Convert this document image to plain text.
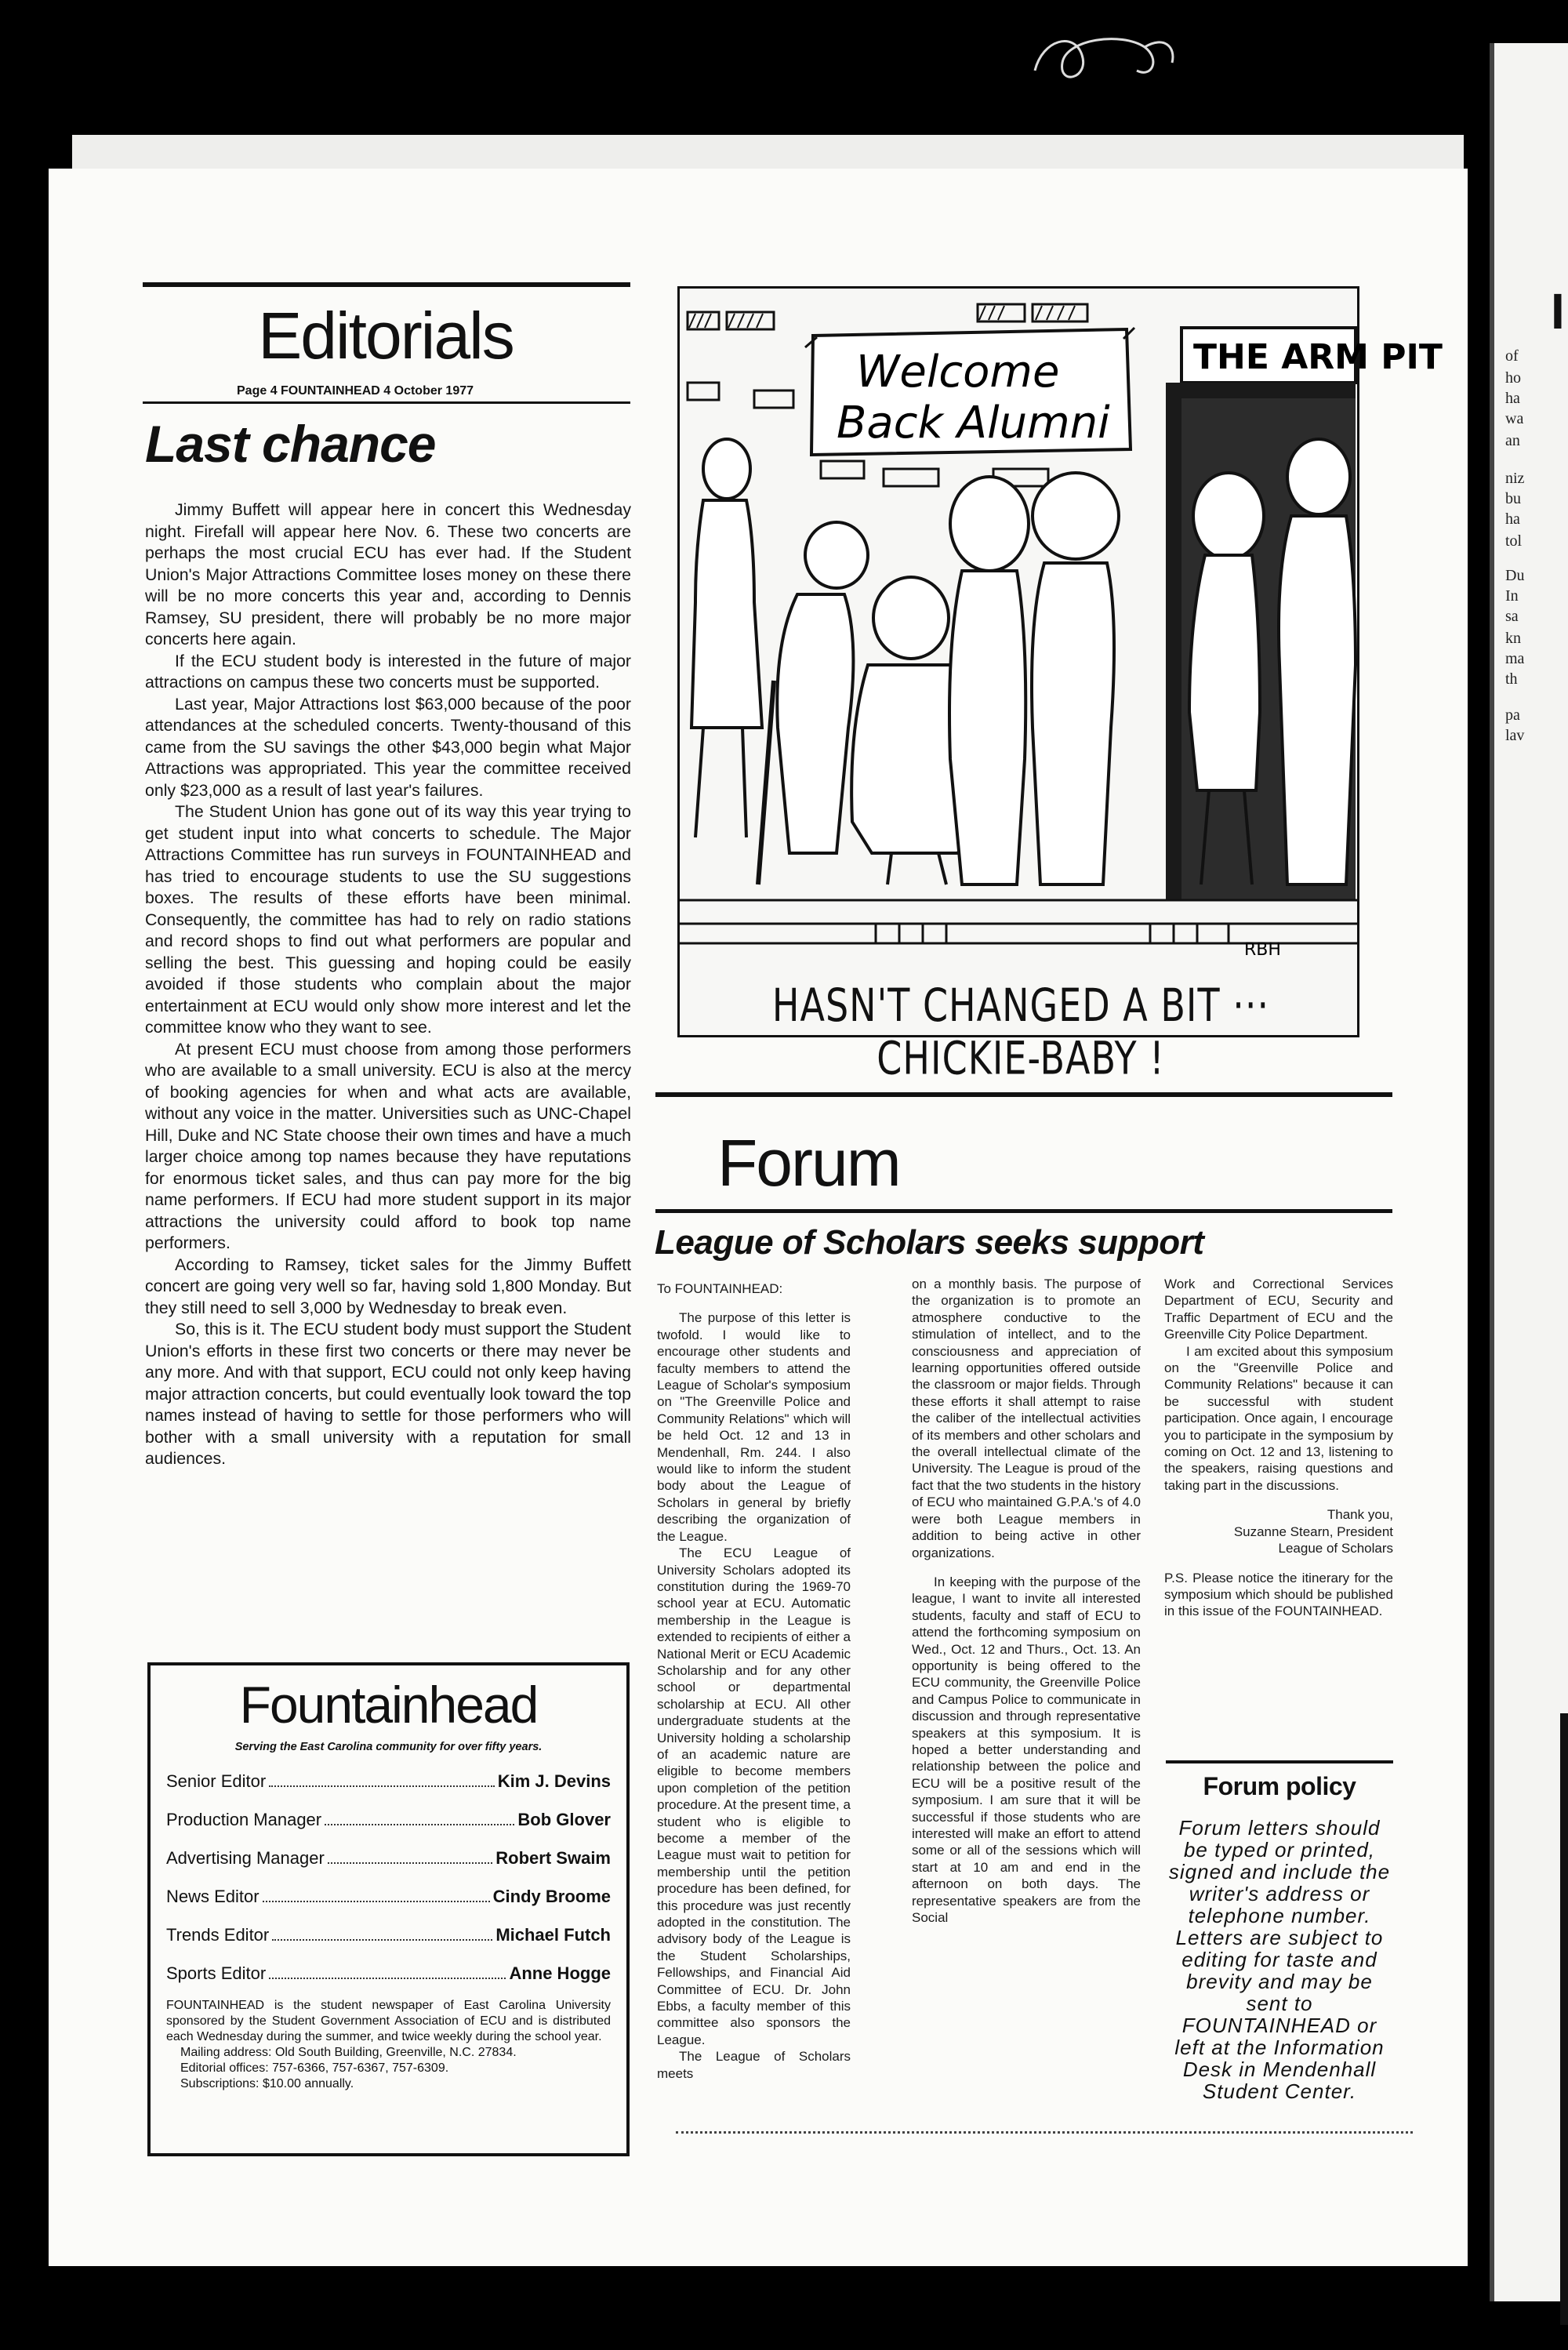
I
of
ho
ha
wa
an
niz
bu
ha
tol
Du
In
sa
kn
ma
th
pa
lav
Editorials
Page 4 FOUNTAINHEAD 4 October 1977
Last chance

Jimmy Buffett will appear here in concert this Wednesday night. Firefall will appear here Nov. 6. These two concerts are perhaps the most crucial ECU has ever had. If the Student Union's Major Attractions Committee loses money on these there will be no more concerts this year and, according to Dennis Ramsey, SU president, there will probably be no more major concerts here again.

If the ECU student body is interested in the future of major attractions on campus these two concerts must be supported.

Last year, Major Attractions lost $63,000 because of the poor attendances at the scheduled concerts. Twenty-thousand of this came from the SU savings the other $43,000 begin what Major Attractions was appropriated. This year the committee received only $23,000 as a result of last year's failures.

The Student Union has gone out of its way this year trying to get student input into what concerts to schedule. The Major Attractions Committee has run surveys in FOUNTAINHEAD and has tried to encourage students to use the SU suggestions boxes. The results of these efforts have been minimal. Consequently, the committee has had to rely on radio stations and record shops to find out what performers are popular and selling the best. This guessing and hoping could be easily avoided if those students who complain about the major entertainment at ECU would only show more interest and let the committee know who they want to see.

At present ECU must choose from among those performers who are available to a small university. ECU is also at the mercy of booking agencies for when and what acts are available, without any voice in the matter. Universities such as UNC-Chapel Hill, Duke and NC State choose their own times and have a much larger choice among top names because they have reputations for enormous ticket sales, and thus can pay more for the big name performers. If ECU had more student support in its major attractions the university could afford to book top name performers.

According to Ramsey, ticket sales for the Jimmy Buffett concert are going very well so far, having sold 1,800 Monday. But they still need to sell 3,000 by Wednesday to break even.

So, this is it. The ECU student body must support the Student Union's efforts in these first two concerts or there may never be any more. And with that support, ECU could not only keep having major attraction concerts, but could eventually look toward the top names instead of having to settle for those performers who will bother with a small university with a reputation for small audiences.

Fountainhead
Serving the East Carolina community for over fifty years.
Senior Editor	Kim J. Devins
Production Manager	Bob Glover
Advertising Manager	Robert Swaim
News Editor	Cindy Broome
Trends Editor	Michael Futch
Sports Editor	Anne Hogge
FOUNTAINHEAD is the student newspaper of East Carolina University sponsored by the Student Government Association of ECU and is distributed each Wednesday during the summer, and twice weekly during the school year.
Mailing address: Old South Building, Greenville, N.C. 27834.
Editorial offices: 757-6366, 757-6367, 757-6309.
Subscriptions: $10.00 annually.
Welcome
Back Alumni
THE ARM PIT
RBH
HASN'T CHANGED A BIT ··· CHICKIE-BABY !
Forum
League of Scholars seeks support

To FOUNTAINHEAD:

The purpose of this letter is twofold. I would like to encourage other students and faculty members to attend the League of Scholar's symposium on "The Greenville Police and Community Relations" which will be held Oct. 12 and 13 in Mendenhall, Rm. 244. I also would like to inform the student body about the League of Scholars in general by briefly describing the organization of the League.

The ECU League of University Scholars adopted its constitution during the 1969-70 school year at ECU. Automatic membership in the League is extended to recipients of either a National Merit or ECU Academic Scholarship and for any other school or departmental scholarship at ECU. All other undergraduate students at the University holding a scholarship of an academic nature are eligible to become members upon completion of the petition procedure. At the present time, a student who is eligible to become a member of the League must wait to petition for membership until the petition procedure has been defined, for this procedure was just recently adopted in the constitution. The advisory body of the League is the Student Scholarships, Fellowships, and Financial Aid Committee of ECU. Dr. John Ebbs, a faculty member of this committee also sponsors the League.

The League of Scholars meets

on a monthly basis. The purpose of the organization is to promote an atmosphere conductive to the stimulation of intellect, and to the consciousness and appreciation of learning opportunities offered outside the classroom or major fields. Through these efforts it shall attempt to raise the caliber of the intellectual activities of its members and other scholars and the overall intellectual climate of the University. The League is proud of the fact that the two students in the history of ECU who maintained G.P.A.'s of 4.0 were both League members in addition to being active in other organizations.

In keeping with the purpose of the league, I want to invite all interested students, faculty and staff of ECU to attend the forthcoming symposium on Wed., Oct. 12 and Thurs., Oct. 13. An opportunity is being offered to the ECU community, the Greenville Police and Campus Police to communicate in discussion and through representative speakers at this symposium. It is hoped a better understanding and relationship between the police and ECU will be a positive result of the symposium. I am sure that it will be successful if those students who are interested will make an effort to attend some or all of the sessions which will start at 10 am and end in the afternoon on both days. The representative speakers are from the Social

Work and Correctional Services Department of ECU, Security and Traffic Department of ECU and the Greenville City Police Department.

I am excited about this symposium on the "Greenville Police and Community Relations" because it can be successful with student participation. Once again, I encourage you to participate in the symposium by coming on Oct. 12 and 13, listening to the speakers, raising questions and taking part in the discussions.

Thank you,

Suzanne Stearn, President

League of Scholars

P.S. Please notice the itinerary for the symposium which should be published in this issue of the FOUNTAINHEAD.

Forum policy
Forum letters should be typed or printed, signed and include the writer's address or telephone number. Letters are subject to editing for taste and brevity and may be sent to FOUNTAINHEAD or left at the Information Desk in Mendenhall Student Center.
